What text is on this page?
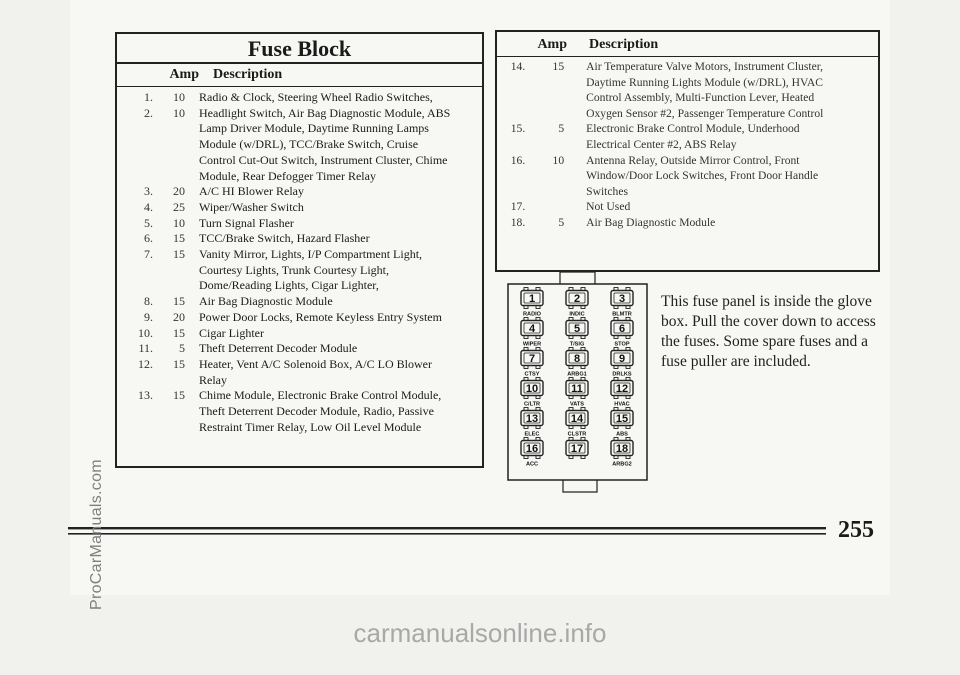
Fuse Block
Amp	Description
1.	10 Radio & Clock, Steering Wheel Radio Switches,
2.	10 Headlight Switch, Air Bag Diagnostic Module, ABS
Lamp Driver Module, Daytime Running Lamps
Module (w/DRL), TCC/Brake Switch, Cruise
Control Cut-Out Switch, Instrument Cluster, Chime
Module, Rear Defogger Timer Relay
3.	20 A/C HI Blower Relay
4.	25 Wiper/Washer Switch
5.	10 Turn Signal Flasher
6.	15 TCC/Brake Switch, Hazard Flasher
7.	15 Vanity Mirror, Lights, I/P Compartment Light,
Courtesy Lights, Trunk Courtesy Light,
Dome/Reading Lights, Cigar Lighter,
8.	15 Air Bag Diagnostic Module
9.	20 Power Door Locks, Remote Keyless Entry System
10.	15 Cigar Lighter
11.	5 Theft Deterrent Decoder Module
12.	15 Heater, Vent A/C Solenoid Box, A/C LO Blower
Relay
13.	15 Chime Module, Electronic Brake Control Module,
Theft Deterrent Decoder Module, Radio, Passive
Restraint Timer Relay, Low Oil Level Module
Amp	Description
14.	15 Air Temperature Valve Motors, Instrument Cluster,
Daytime Running Lights Module (w/DRL), HVAC
Control Assembly, Multi-Function Lever, Heated
Oxygen Sensor #2, Passenger Temperature Control
15.	5 Electronic Brake Control Module, Underhood
Electrical Center #2, ABS Relay
16.	10 Antenna Relay, Outside Mirror Control, Front
Window/Door Lock Switches, Front Door Handle
Switches
17.	Not Used
18.	5 Air Bag Diagnostic Module
1
RADIO
2
INDIC
3
BLMTR
4
WIPER
5
T/SIG
6
STOP
7
CTSY
8
ARBG1
9
DRLKS
10
C/LTR
11
VATS
12
HVAC
13
ELEC
14
CLSTR
15
ABS
16
ACC
17	18
ARBG2
This fuse panel is inside the glove box. Pull the cover down to access the fuses. Some spare fuses and a fuse puller are included.
255
ProCarManuals.com
carmanualsonline.info
